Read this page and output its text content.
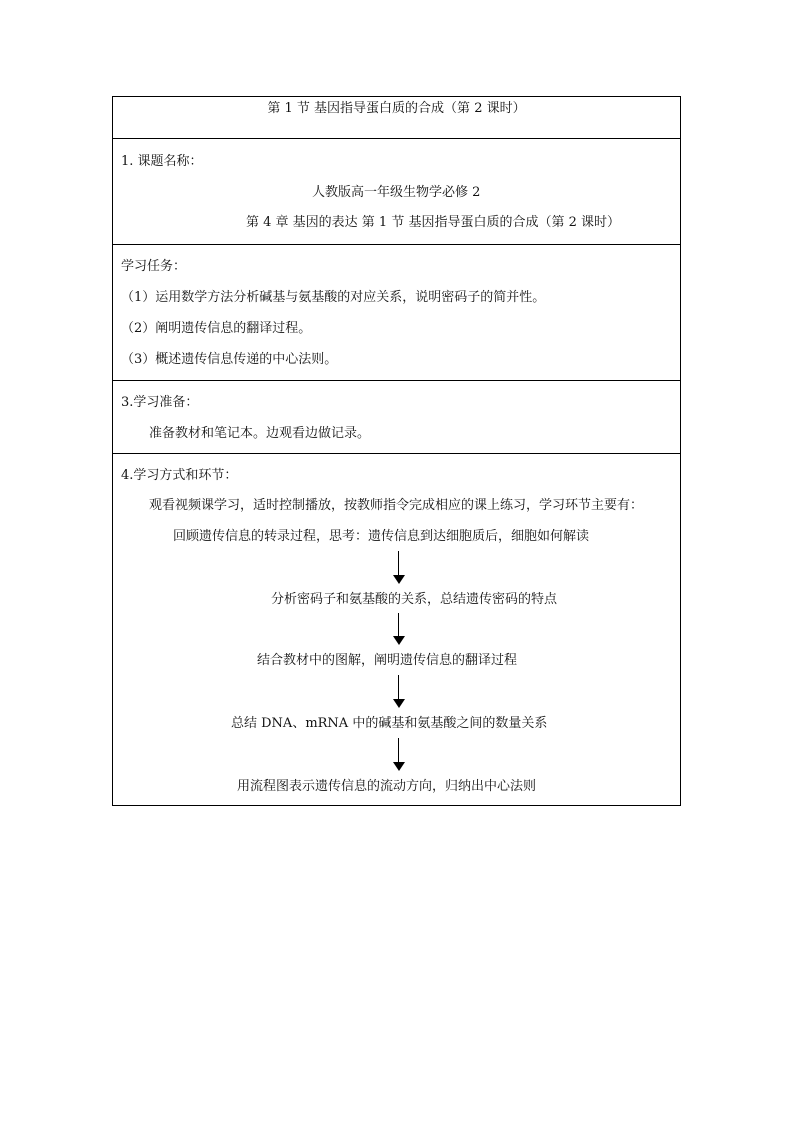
第 1 节 基因指导蛋白质的合成（第 2 课时）

1. 课题名称：
人教版高一年级生物学必修 2
第 4 章 基因的表达 第 1 节 基因指导蛋白质的合成（第 2 课时）

学习任务：
（1）运用数学方法分析碱基与氨基酸的对应关系，说明密码子的简并性。
（2）阐明遗传信息的翻译过程。
（3）概述遗传信息传递的中心法则。

3.学习准备：
准备教材和笔记本。边观看边做记录。

4.学习方式和环节：
观看视频课学习，适时控制播放，按教师指令完成相应的课上练习，学习环节主要有：
回顾遗传信息的转录过程，思考：遗传信息到达细胞质后，细胞如何解读
分析密码子和氨基酸的关系，总结遗传密码的特点
结合教材中的图解，阐明遗传信息的翻译过程
总结 DNA、mRNA 中的碱基和氨基酸之间的数量关系
用流程图表示遗传信息的流动方向，归纳出中心法则
